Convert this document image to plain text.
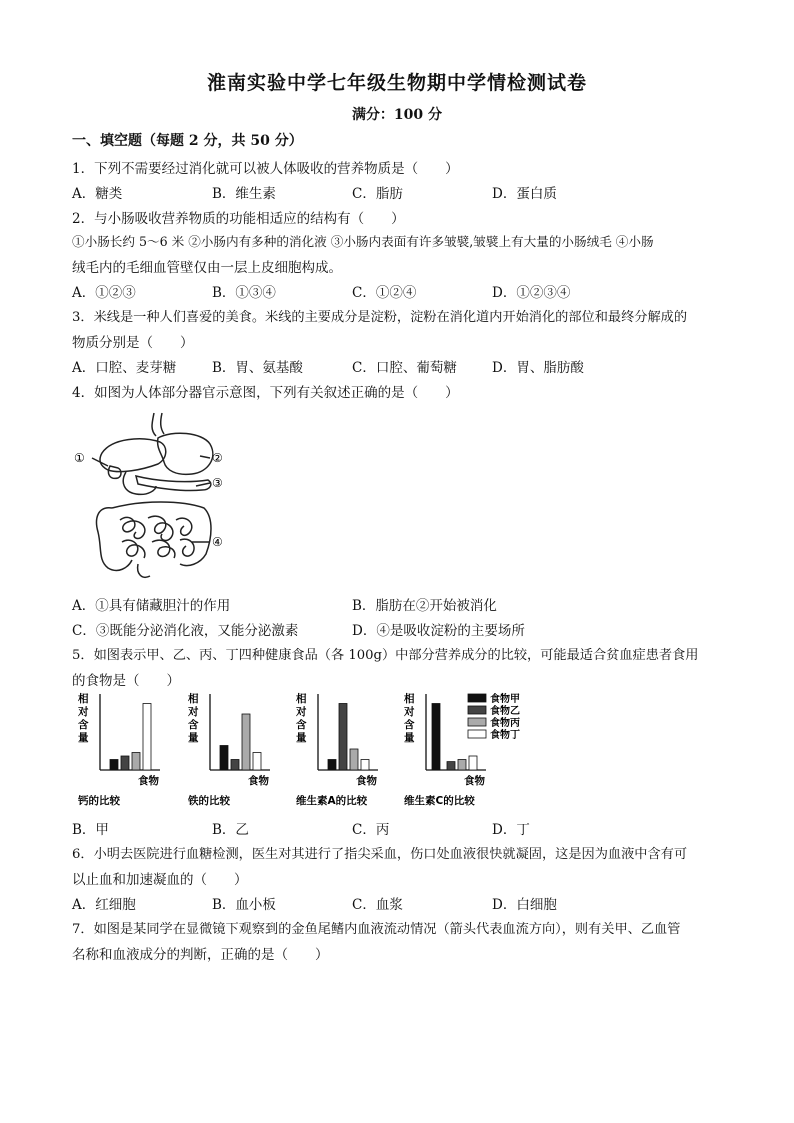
淮南实验中学七年级生物期中学情检测试卷
满分：100 分
一、填空题（每题 2 分，共 50 分）
1．下列不需要经过消化就可以被人体吸收的营养物质是（　　）
A．糖类	B．维生素	C．脂肪	D．蛋白质
2．与小肠吸收营养物质的功能相适应的结构有（　　）
①小肠长约 5～6 米 ②小肠内有多种的消化液 ③小肠内表面有许多皱襞,皱襞上有大量的小肠绒毛 ④小肠
绒毛内的毛细血管壁仅由一层上皮细胞构成。
A．①②③	B．①③④	C．①②④	D．①②③④
3．米线是一种人们喜爱的美食。米线的主要成分是淀粉，淀粉在消化道内开始消化的部位和最终分解成的
物质分别是（　　）
A．口腔、麦芽糖	B．胃、氨基酸	C．口腔、葡萄糖	D．胃、脂肪酸
4．如图为人体部分器官示意图，下列有关叙述正确的是（　　）
①	②
③
④
A．①具有储藏胆汁的作用	B．脂肪在②开始被消化
C．③既能分泌消化液，又能分泌激素	D．④是吸收淀粉的主要场所
5．如图表示甲、乙、丙、丁四种健康食品（各 100g）中部分营养成分的比较，可能最适合贫血症患者食用
的食物是（　　）
相
对
含
量
食物
钙的比较
相
对
含
量
食物
铁的比较
相
对
含
量
食物
维生素A的比较
相
对
含
量
食物
维生素C的比较
食物甲
食物乙
食物丙
食物丁
B．甲	B．乙	C．丙	D．丁
6．小明去医院进行血糖检测，医生对其进行了指尖采血，伤口处血液很快就凝固，这是因为血液中含有可
以止血和加速凝血的（　　）
A．红细胞	B．血小板	C．血浆	D．白细胞
7．如图是某同学在显微镜下观察到的金鱼尾鳍内血液流动情况（箭头代表血流方向），则有关甲、乙血管
名称和血液成分的判断，正确的是（　　）
